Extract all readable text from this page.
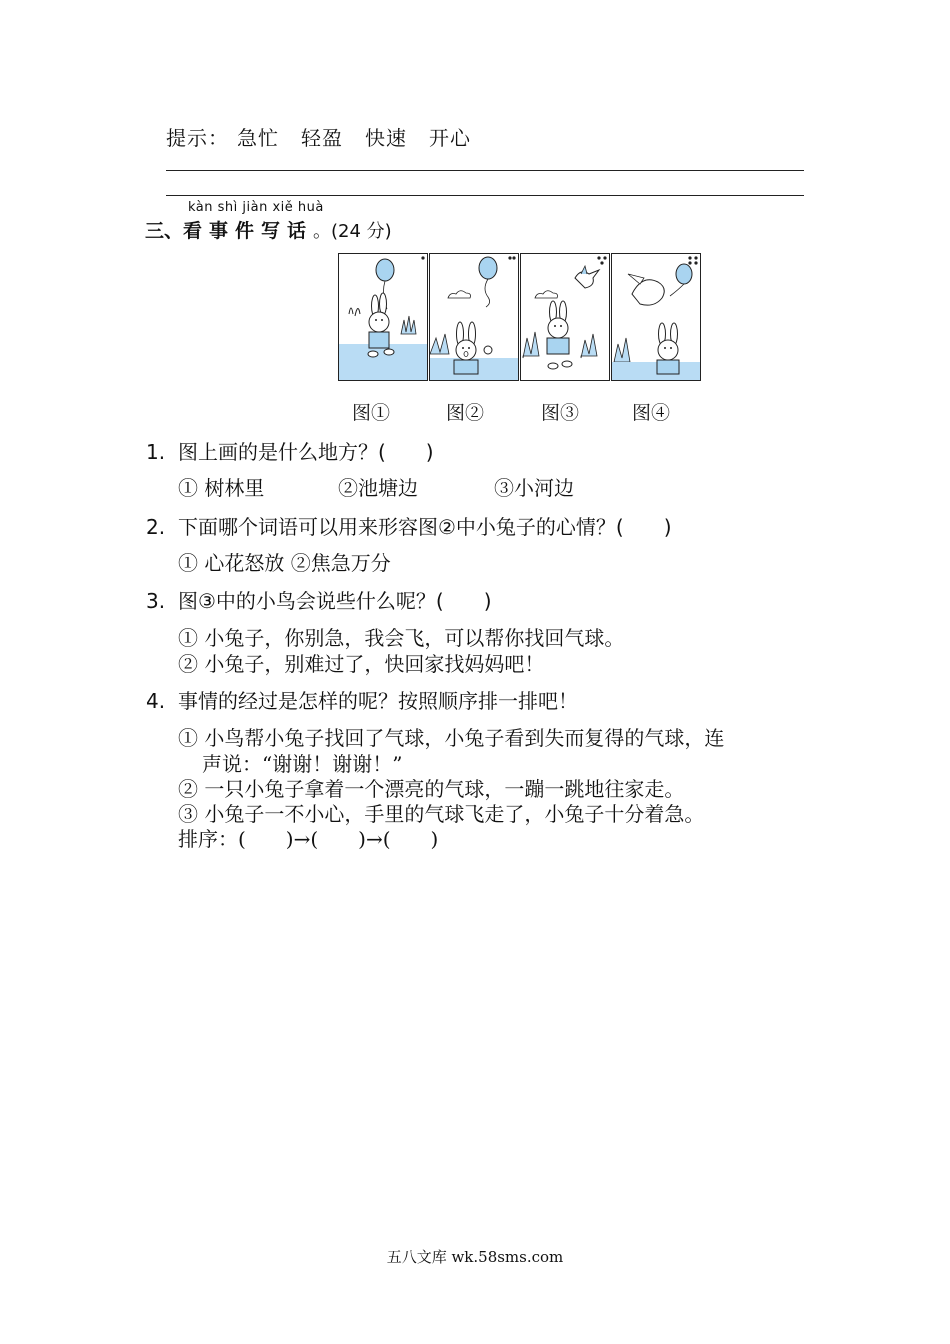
提示： 急忙 轻盈 快速 开心
kàn shì jiàn xiě huà
三、看 事 件 写 话 。(24 分)
图①	图②	图③	图④
1. 图上画的是什么地方？(　　)
① 树林里	②池塘边	③小河边
2. 下面哪个词语可以用来形容图②中小兔子的心情？(　　)
① 心花怒放 ②焦急万分
3. 图③中的小鸟会说些什么呢？(　　)
① 小兔子，你别急，我会飞，可以帮你找回气球。
② 小兔子，别难过了，快回家找妈妈吧！
4. 事情的经过是怎样的呢？按照顺序排一排吧！
① 小鸟帮小兔子找回了气球，小兔子看到失而复得的气球，连
声说：“谢谢！谢谢！”
② 一只小兔子拿着一个漂亮的气球，一蹦一跳地往家走。
③ 小兔子一不小心，手里的气球飞走了，小兔子十分着急。
排序：(　　)→(　　)→(　　)
五八文库 wk.58sms.com
